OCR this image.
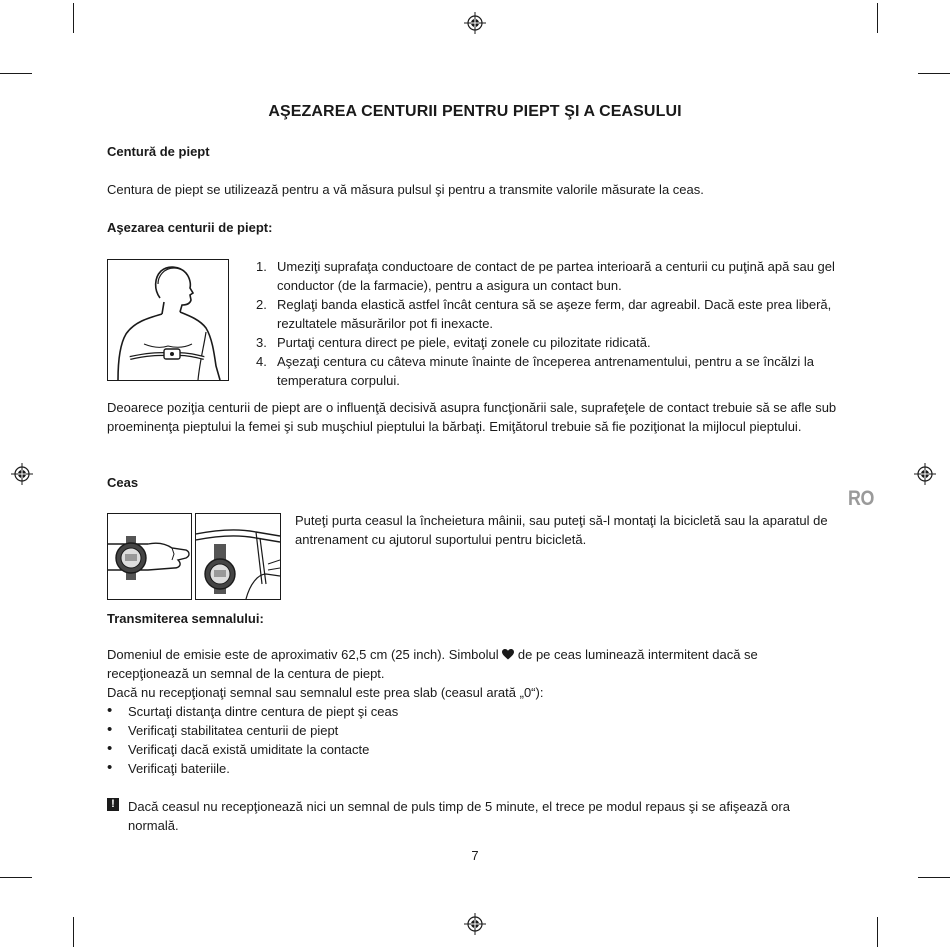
AŞEZAREA CENTURII PENTRU PIEPT ŞI A CEASULUI
Centură de piept
Centura de piept se utilizează pentru a vă măsura pulsul şi pentru a transmite valorile măsurate la ceas.
Aşezarea centurii de piept:
1. Umeziţi suprafaţa conductoare de contact de pe partea interioară a centurii cu puţină apă sau gel conductor (de la farmacie), pentru a asigura un contact bun.
2. Reglaţi banda elastică astfel încât centura să se aşeze ferm, dar agreabil. Dacă este prea liberă, rezultatele măsurărilor pot fi inexacte.
3. Purtaţi centura direct pe piele, evitaţi zonele cu pilozitate ridicată.
4. Aşezaţi centura cu câteva minute înainte de începerea antrenamentului, pentru a se încălzi la temperatura corpului.
Deoarece poziţia centurii de piept are o influenţă decisivă asupra funcţionării sale, suprafeţele de contact trebuie să se afle sub proeminenţa pieptului la femei şi sub muşchiul pieptului la bărbaţi. Emiţătorul trebuie să fie poziţionat la mijlocul pieptului.
RO
Ceas
Puteţi purta ceasul la încheietura mâinii, sau puteţi să-l montaţi la bicicletă sau la aparatul de antrenament cu ajutorul suportului pentru bicicletă.
Transmiterea semnalului:
Domeniul de emisie este de aproximativ 62,5 cm (25 inch). Simbolul de pe ceas luminează intermitent dacă se recepţionează un semnal de la centura de piept.
Dacă nu recepţionaţi semnal sau semnalul este prea slab (ceasul arată „0“):
• Scurtaţi distanţa dintre centura de piept şi ceas
• Verificaţi stabilitatea centurii de piept
• Verificaţi dacă există umiditate la contacte
• Verificaţi bateriile.
!	Dacă ceasul nu recepţionează nici un semnal de puls timp de 5 minute, el trece pe modul repaus şi se afişează ora normală.
7
